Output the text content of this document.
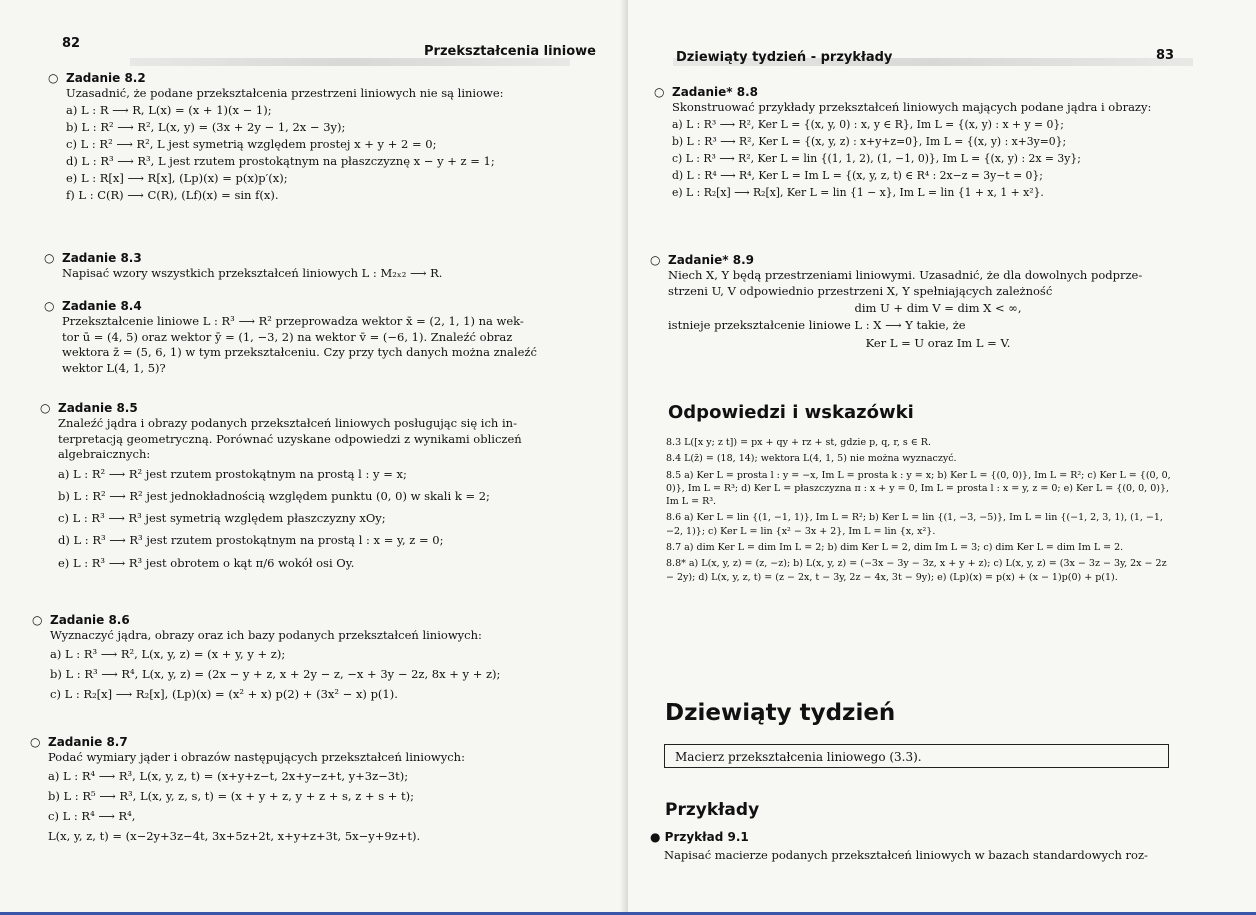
82
Przekształcenia liniowe
○ Zadanie 8.2
Uzasadnić, że podane przekształcenia przestrzeni liniowych nie są liniowe:
a) L : R ⟶ R, L(x) = (x + 1)(x − 1);
b) L : R² ⟶ R², L(x, y) = (3x + 2y − 1, 2x − 3y);
c) L : R² ⟶ R², L jest symetrią względem prostej x + y + 2 = 0;
d) L : R³ ⟶ R³, L jest rzutem prostokątnym na płaszczyznę x − y + z = 1;
e) L : R[x] ⟶ R[x], (Lp)(x) = p(x)p′(x);
f) L : C(R) ⟶ C(R), (Lf)(x) = sin f(x).
○ Zadanie 8.3
Napisać wzory wszystkich przekształceń liniowych L : M₂ₓ₂ ⟶ R.
○ Zadanie 8.4
Przekształcenie liniowe L : R³ ⟶ R² przeprowadza wektor x̄ = (2, 1, 1) na wek-
tor ū = (4, 5) oraz wektor ȳ = (1, −3, 2) na wektor v̄ = (−6, 1). Znaleźć obraz
wektora z̄ = (5, 6, 1) w tym przekształceniu. Czy przy tych danych można znaleźć
wektor L(4, 1, 5)?
○ Zadanie 8.5
Znaleźć jądra i obrazy podanych przekształceń liniowych posługując się ich in-
terpretacją geometryczną. Porównać uzyskane odpowiedzi z wynikami obliczeń
algebraicznych:
a) L : R² ⟶ R² jest rzutem prostokątnym na prostą l : y = x;
b) L : R² ⟶ R² jest jednokładnością względem punktu (0, 0) w skali k = 2;
c) L : R³ ⟶ R³ jest symetrią względem płaszczyzny xOy;
d) L : R³ ⟶ R³ jest rzutem prostokątnym na prostą l : x = y, z = 0;
e) L : R³ ⟶ R³ jest obrotem o kąt π/6 wokół osi Oy.
○ Zadanie 8.6
Wyznaczyć jądra, obrazy oraz ich bazy podanych przekształceń liniowych:
a) L : R³ ⟶ R², L(x, y, z) = (x + y, y + z);
b) L : R³ ⟶ R⁴, L(x, y, z) = (2x − y + z, x + 2y − z, −x + 3y − 2z, 8x + y + z);
c) L : R₂[x] ⟶ R₂[x], (Lp)(x) = (x² + x) p(2) + (3x² − x) p(1).
○ Zadanie 8.7
Podać wymiary jąder i obrazów następujących przekształceń liniowych:
a) L : R⁴ ⟶ R³, L(x, y, z, t) = (x+y+z−t, 2x+y−z+t, y+3z−3t);
b) L : R⁵ ⟶ R³, L(x, y, z, s, t) = (x + y + z, y + z + s, z + s + t);
c) L : R⁴ ⟶ R⁴,
L(x, y, z, t) = (x−2y+3z−4t, 3x+5z+2t, x+y+z+3t, 5x−y+9z+t).
Dziewiąty tydzień - przykłady	83
○ Zadanie* 8.8
Skonstruować przykłady przekształceń liniowych mających podane jądra i obrazy:
a) L : R³ ⟶ R², Ker L = {(x, y, 0) : x, y ∈ R}, Im L = {(x, y) : x + y = 0};
b) L : R³ ⟶ R², Ker L = {(x, y, z) : x+y+z=0}, Im L = {(x, y) : x+3y=0};
c) L : R³ ⟶ R², Ker L = lin {(1, 1, 2), (1, −1, 0)}, Im L = {(x, y) : 2x = 3y};
d) L : R⁴ ⟶ R⁴, Ker L = Im L = {(x, y, z, t) ∈ R⁴ : 2x−z = 3y−t = 0};
e) L : R₂[x] ⟶ R₂[x], Ker L = lin {1 − x}, Im L = lin {1 + x, 1 + x²}.
○ Zadanie* 8.9
Niech X, Y będą przestrzeniami liniowymi. Uzasadnić, że dla dowolnych podprze-
strzeni U, V odpowiednio przestrzeni X, Y spełniających zależność
dim U + dim V = dim X < ∞,
istnieje przekształcenie liniowe L : X ⟶ Y takie, że
Ker L = U oraz Im L = V.
Odpowiedzi i wskazówki

8.3 L([x y; z t]) = px + qy + rz + st, gdzie p, q, r, s ∈ R.

8.4 L(z̄) = (18, 14); wektora L(4, 1, 5) nie można wyznaczyć.

8.5 a) Ker L = prosta l : y = −x, Im L = prosta k : y = x; b) Ker L = {(0, 0)}, Im L = R²; c) Ker L = {(0, 0, 0)}, Im L = R³; d) Ker L = płaszczyzna π : x + y = 0, Im L = prosta l : x = y, z = 0; e) Ker L = {(0, 0, 0)}, Im L = R³.

8.6 a) Ker L = lin {(1, −1, 1)}, Im L = R²; b) Ker L = lin {(1, −3, −5)}, Im L = lin {(−1, 2, 3, 1), (1, −1, −2, 1)}; c) Ker L = lin {x² − 3x + 2}, Im L = lin {x, x²}.

8.7 a) dim Ker L = dim Im L = 2; b) dim Ker L = 2, dim Im L = 3; c) dim Ker L = dim Im L = 2.

8.8* a) L(x, y, z) = (z, −z); b) L(x, y, z) = (−3x − 3y − 3z, x + y + z); c) L(x, y, z) = (3x − 3z − 3y, 2x − 2z − 2y); d) L(x, y, z, t) = (z − 2x, t − 3y, 2z − 4x, 3t − 9y); e) (Lp)(x) = p(x) + (x − 1)p(0) + p(1).

Dziewiąty tydzień
Macierz przekształcenia liniowego (3.3).
Przykłady
● Przykład 9.1
Napisać macierze podanych przekształceń liniowych w bazach standardowych roz-
